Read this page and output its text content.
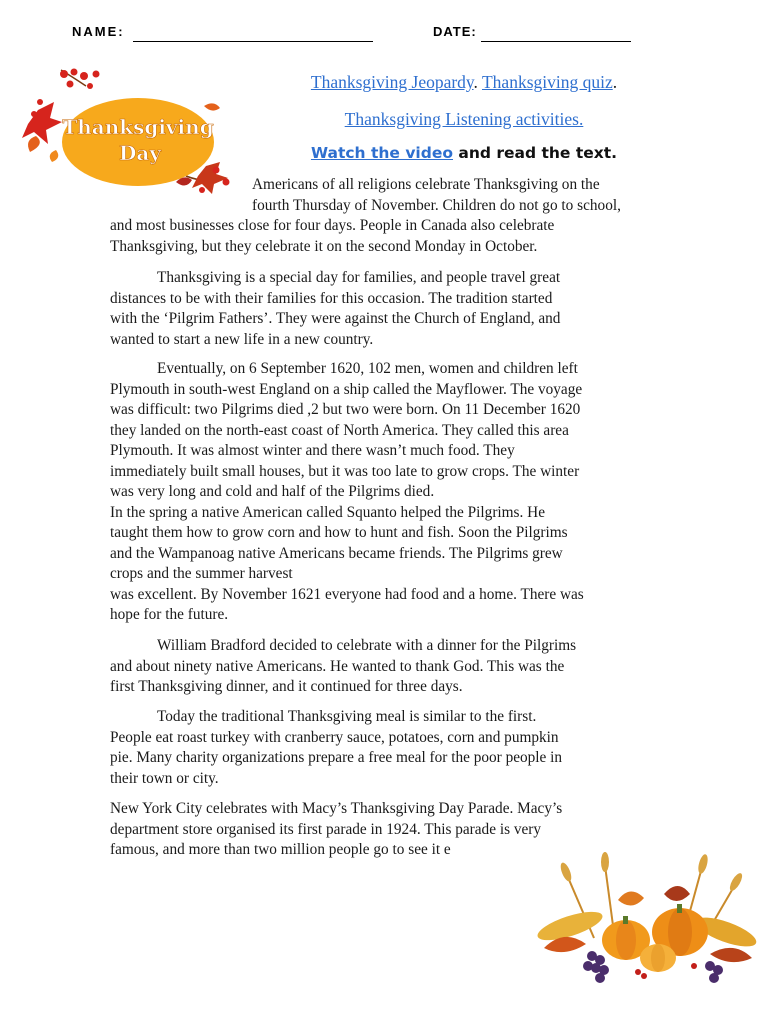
NAME:	DATE:
Thanksgiving
Day
Thanksgiving Jeopardy. Thanksgiving quiz.
Thanksgiving Listening activities.
Watch the video and read the text.
Americans of all religions celebrate Thanksgiving on the
fourth Thursday of November. Children do not go to school,
and most businesses close for four days. People in Canada also celebrate
Thanksgiving, but they celebrate it on the second Monday in October.
Thanksgiving is a special day for families, and people travel great
distances to be with their families for this occasion. The tradition started
with the ‘Pilgrim Fathers’. They were against the Church of England, and
wanted to start a new life in a new country.
Eventually, on 6 September 1620, 102 men, women and children left
Plymouth in south-west England on a ship called the Mayflower. The voyage
was difficult: two Pilgrims died ,2 but two were born. On 11 December 1620
they landed on the north-east coast of North America. They called this area
Plymouth. It was almost winter and there wasn’t much food. They
immediately built small houses, but it was too late to grow crops. The winter
was very long and cold and half of the Pilgrims died.
In the spring a native American called Squanto helped the Pilgrims. He
taught them how to grow corn and how to hunt and fish. Soon the Pilgrims
and the Wampanoag native Americans became friends. The Pilgrims grew
crops and the summer harvest
was excellent. By November 1621 everyone had food and a home. There was
hope for the future.
William Bradford decided to celebrate with a dinner for the Pilgrims
and about ninety native Americans. He wanted to thank God. This was the
first Thanksgiving dinner, and it continued for three days.
Today the traditional Thanksgiving meal is similar to the first.
People eat roast turkey with cranberry sauce, potatoes, corn and pumpkin
pie. Many charity organizations prepare a free meal for the poor people in
their town or city.
New York City celebrates with Macy’s Thanksgiving Day Parade. Macy’s
department store organised its first parade in 1924. This parade is very
famous, and more than two million people go to see it e
